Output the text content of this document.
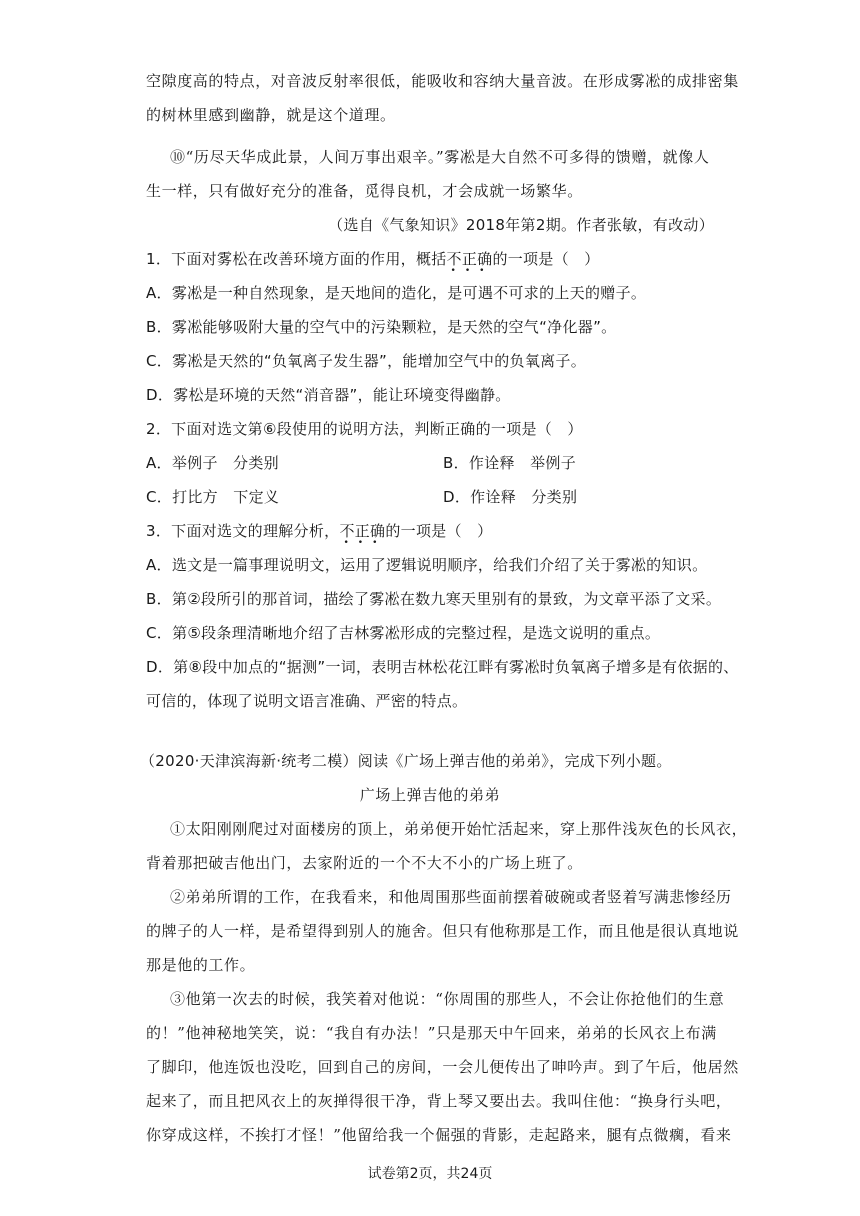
空隙度高的特点，对音波反射率很低，能吸收和容纳大量音波。在形成雾凇的成排密集
的树林里感到幽静，就是这个道理。
⑩“历尽天华成此景，人间万事出艰辛。”雾凇是大自然不可多得的馈赠，就像人
生一样，只有做好充分的准备，觅得良机，才会成就一场繁华。
（选自《气象知识》2018年第2期。作者张敏，有改动）
1．下面对雾松在改善环境方面的作用，概括不正确
•••
的一项是（　）
A．雾凇是一种自然现象，是天地间的造化，是可遇不可求的上天的赠子。
B．雾凇能够吸附大量的空气中的污染颗粒，是天然的空气“净化器”。
C．雾凇是天然的“负氧离子发生器”，能增加空气中的负氧离子。
D．雾松是环境的天然“消音器”，能让环境变得幽静。
2．下面对选文第⑥段使用的说明方法，判断正确的一项是（　）
A．举例子　分类别	B．作诠释　举例子
C．打比方　下定义	D．作诠释　分类别
3．下面对选文的理解分析，不正确
•••
的一项是（　）
A．选文是一篇事理说明文，运用了逻辑说明顺序，给我们介绍了关于雾凇的知识。
B．第②段所引的那首词，描绘了雾凇在数九寒天里别有的景致，为文章平添了文采。
C．第⑤段条理清晰地介绍了吉林雾凇形成的完整过程，是选文说明的重点。
D．第⑧段中加点的“据测”一词，表明吉林松花江畔有雾凇时负氧离子增多是有依据的、
可信的，体现了说明文语言准确、严密的特点。
（2020·天津滨海新·统考二模）阅读《广场上弹吉他的弟弟》，完成下列小题。
广场上弹吉他的弟弟
①太阳刚刚爬过对面楼房的顶上，弟弟便开始忙活起来，穿上那件浅灰色的长风衣，
背着那把破吉他出门，去家附近的一个不大不小的广场上班了。
②弟弟所谓的工作，在我看来，和他周围那些面前摆着破碗或者竖着写满悲惨经历
的牌子的人一样，是希望得到别人的施舍。但只有他称那是工作，而且他是很认真地说
那是他的工作。
③他第一次去的时候，我笑着对他说：“你周围的那些人，不会让你抢他们的生意
的！”他神秘地笑笑，说：“我自有办法！”只是那天中午回来，弟弟的长风衣上布满
了脚印，他连饭也没吃，回到自己的房间，一会儿便传出了呻吟声。到了午后，他居然
起来了，而且把风衣上的灰掸得很干净，背上琴又要出去。我叫住他：“换身行头吧，
你穿成这样，不挨打才怪！”他留给我一个倔强的背影，走起路来，腿有点微瘸，看来
试卷第2页，共24页
